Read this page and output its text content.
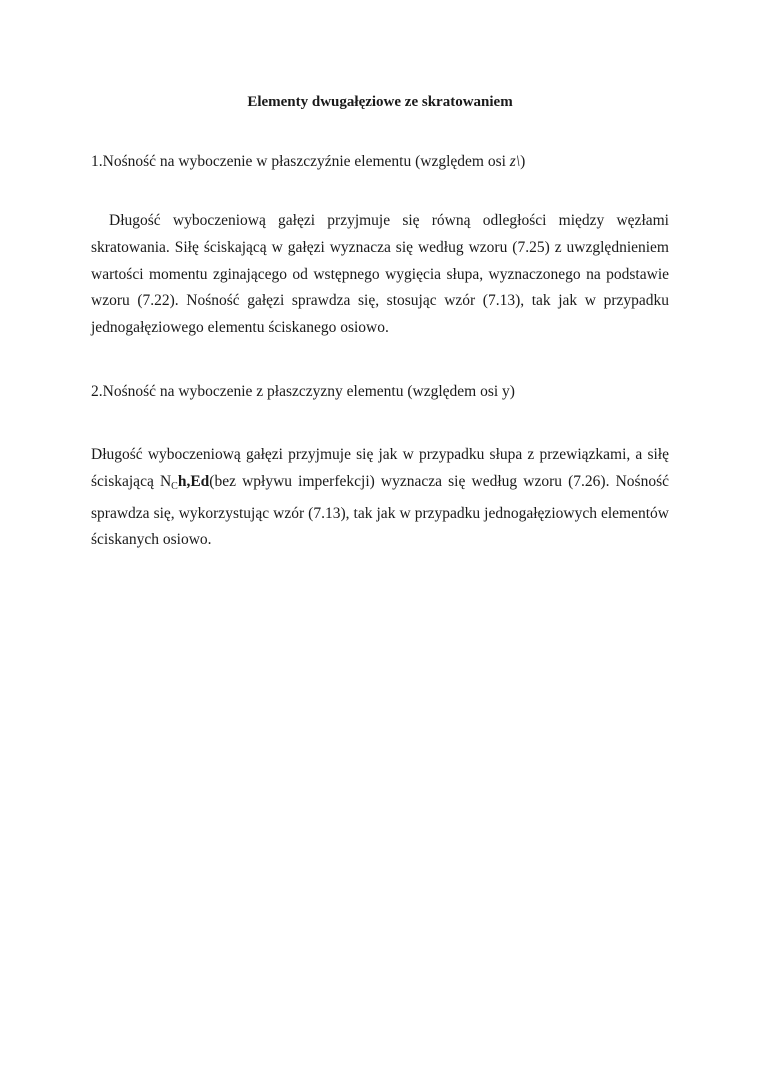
Elementy dwugałęziowe ze skratowaniem
1.Nośność na wyboczenie w płaszczyźnie elementu (względem osi z\)

Długość wyboczeniową gałęzi przyjmuje się równą odległości między węzłami skratowania. Siłę ściskającą w gałęzi wyznacza się według wzoru (7.25) z uwzględnieniem wartości momentu zginającego od wstępnego wygięcia słupa, wyznaczonego na podstawie wzoru (7.22). Nośność gałęzi sprawdza się, stosując wzór (7.13), tak jak w przypadku jednogałęziowego elementu ściskanego osiowo.

2.Nośność na wyboczenie z płaszczyzny elementu (względem osi y)

Długość wyboczeniową gałęzi przyjmuje się jak w przypadku słupa z przewiązkami, a siłę ściskającą $N_Ch,Ed(bez$ wpływu imperfekcji) wyznacza się według wzoru (7.26). Nośność sprawdza się, wykorzystując wzór (7.13), tak jak w przypadku jednogałęziowych elementów ściskanych osiowo.
